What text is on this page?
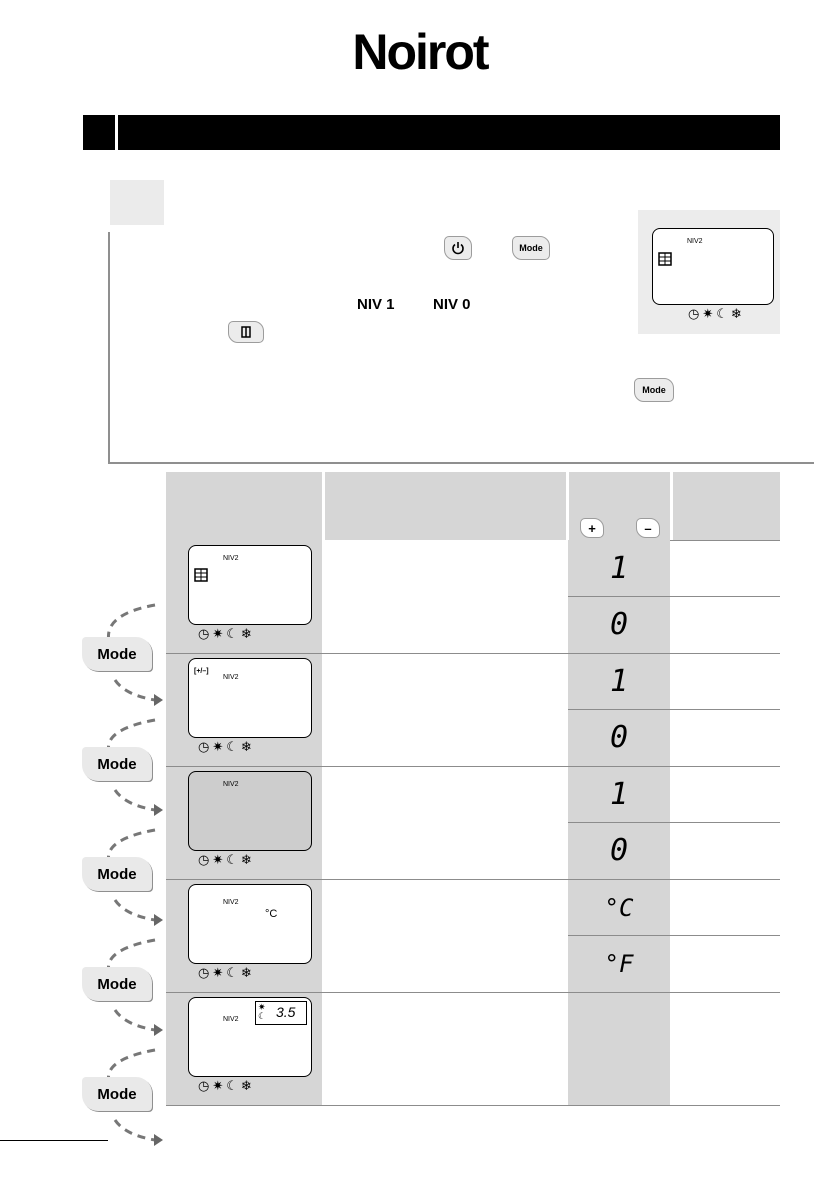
Noirot
Mode
NIV 1	NIV 0
Mode
NIV2
◷✷☾❄
+	–
NIV2
◷✷☾❄
1
0
[+/–]
NIV2
◷✷☾❄
1
0
NIV2
◷✷☾❄
1
0
NIV2
°C
◷✷☾❄
°C
°F
NIV2
✷
☾ 3.5
◷✷☾❄
Mode
Mode
Mode
Mode
Mode
